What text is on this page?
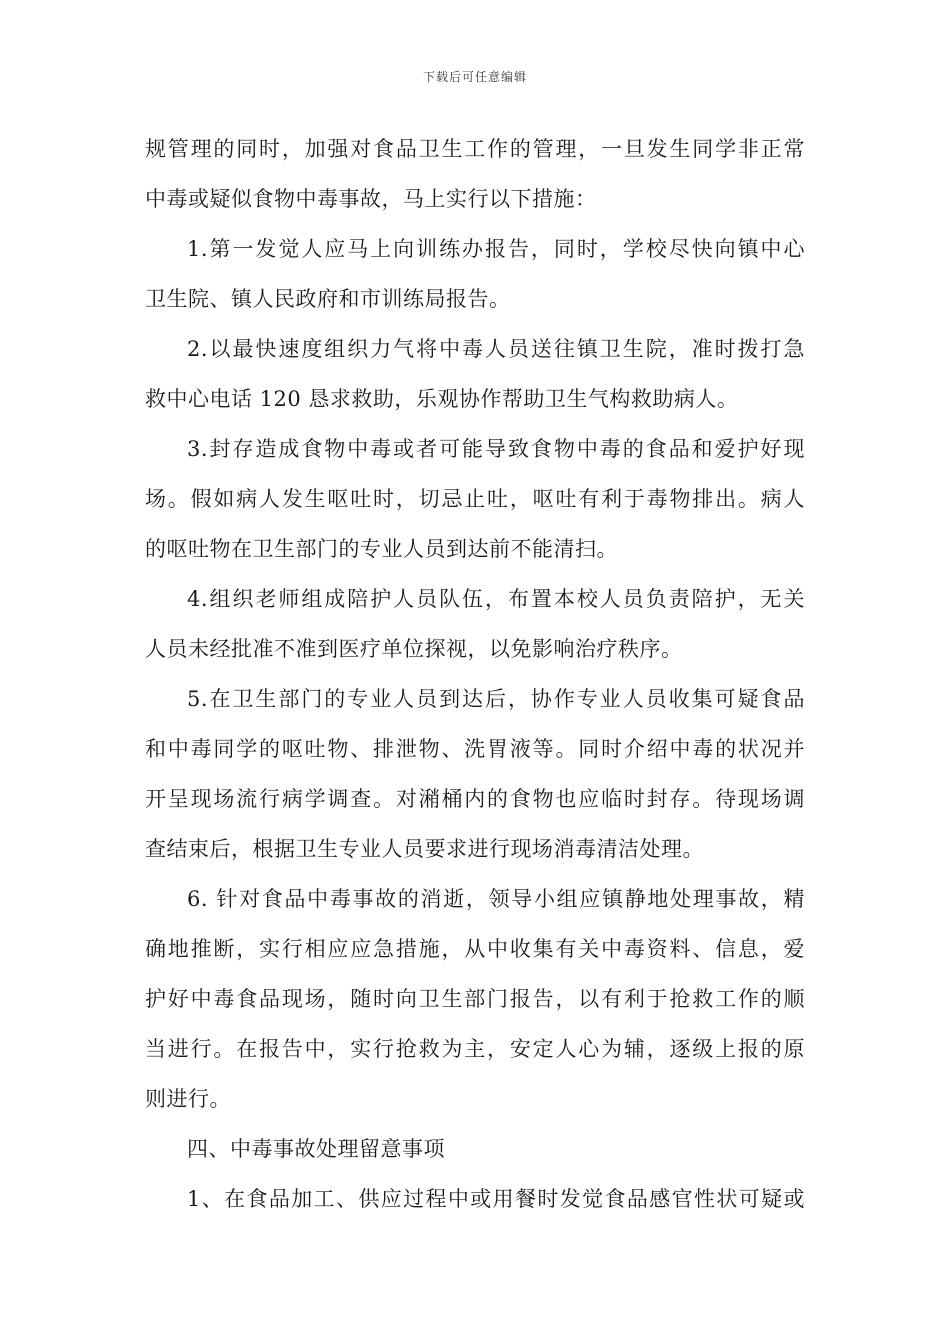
下载后可任意编辑
规管理的同时，加强对食品卫生工作的管理，一旦发生同学非正常
中毒或疑似食物中毒事故，马上实行以下措施：
1.第一发觉人应马上向训练办报告，同时，学校尽快向镇中心
卫生院、镇人民政府和市训练局报告。
2.以最快速度组织力气将中毒人员送往镇卫生院，准时拨打急
救中心电话 120 恳求救助，乐观协作帮助卫生气构救助病人。
3.封存造成食物中毒或者可能导致食物中毒的食品和爱护好现
场。假如病人发生呕吐时，切忌止吐，呕吐有利于毒物排出。病人
的呕吐物在卫生部门的专业人员到达前不能清扫。
4.组织老师组成陪护人员队伍，布置本校人员负责陪护，无关
人员未经批准不准到医疗单位探视，以免影响治疗秩序。
5.在卫生部门的专业人员到达后，协作专业人员收集可疑食品
和中毒同学的呕吐物、排泄物、洗胃液等。同时介绍中毒的状况并
开呈现场流行病学调查。对潲桶内的食物也应临时封存。待现场调
查结束后，根据卫生专业人员要求进行现场消毒清洁处理。
6. 针对食品中毒事故的消逝，领导小组应镇静地处理事故，精
确地推断，实行相应应急措施，从中收集有关中毒资料、信息，爱
护好中毒食品现场，随时向卫生部门报告，以有利于抢救工作的顺
当进行。在报告中，实行抢救为主，安定人心为辅，逐级上报的原
则进行。
四、中毒事故处理留意事项
1、在食品加工、供应过程中或用餐时发觉食品感官性状可疑或
